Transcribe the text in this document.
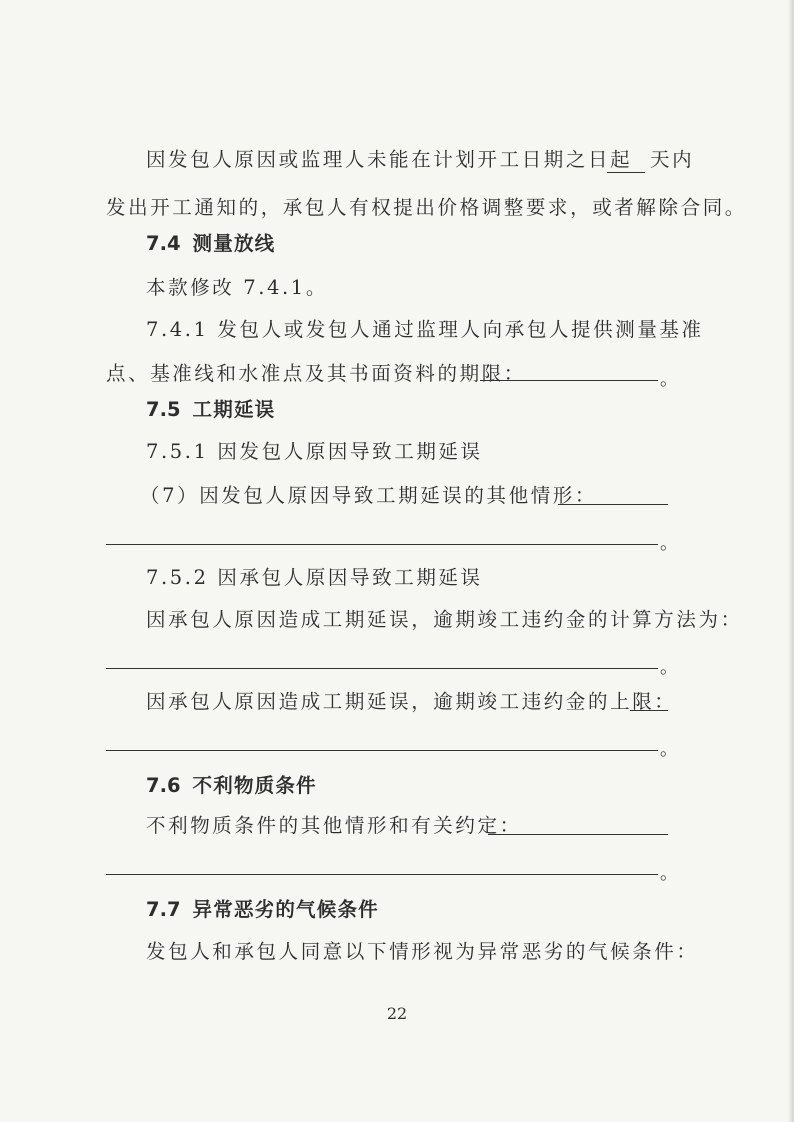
因发包人原因或监理人未能在计划开工日期之日起 天内
发出开工通知的，承包人有权提出价格调整要求，或者解除合同。
7.4 测量放线
本款修改 7.4.1。
7.4.1 发包人或发包人通过监理人向承包人提供测量基准
点、基准线和水准点及其书面资料的期限：	。
7.5 工期延误
7.5.1 因发包人原因导致工期延误
（7）因发包人原因导致工期延误的其他情形：
。
7.5.2 因承包人原因导致工期延误
因承包人原因造成工期延误，逾期竣工违约金的计算方法为：
。
因承包人原因造成工期延误，逾期竣工违约金的上限：
。
7.6 不利物质条件
不利物质条件的其他情形和有关约定：
。
7.7 异常恶劣的气候条件
发包人和承包人同意以下情形视为异常恶劣的气候条件：
22
